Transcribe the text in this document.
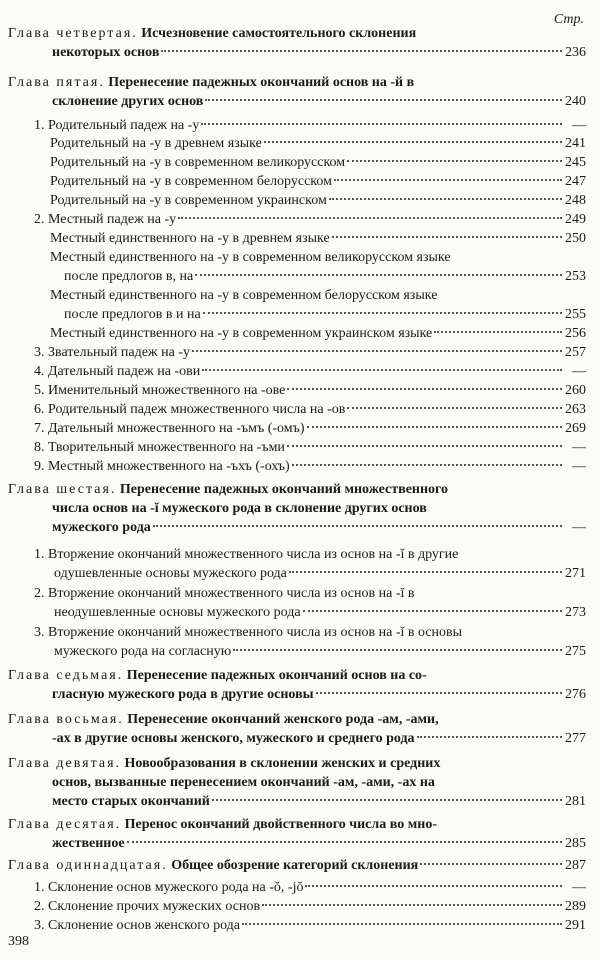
Стр.
Глава четвертая. Исчезновение самостоятельного склонения
некоторых основ	236
Глава пятая. Перенесение падежных окончаний основ на -й в
склонение других основ	240
1. Родительный падеж на -у	—
Родительный на -у в древнем языке	241
Родительный на -у в современном великорусском	245
Родительный на -у в современном белорусском	247
Родительный на -у в современном украинском	248
2. Местный падеж на -у	249
Местный единственного на -у в древнем языке	250
Местный единственного на -у в современном великорусском языке
после предлогов в, на	253
Местный единственного на -у в современном белорусском языке
после предлогов в и на	255
Местный единственного на -у в современном украинском языке	256
3. Звательный падеж на -у	257
4. Дательный падеж на -ови	—
5. Именительный множественного на -ове	260
6. Родительный падеж множественного числа на -ов	263
7. Дательный множественного на -ъмъ (-омъ)	269
8. Творительный множественного на -ъми	—
9. Местный множественного на -ъхъ (-охъ)	—
Глава шестая. Перенесение падежных окончаний множественного
числа основ на -ĭ мужеского рода в склонение других основ
мужеского рода	—
1. Вторжение окончаний множественного числа из основ на -ĭ в другие
одушевленные основы мужеского рода	271
2. Вторжение окончаний множественного числа из основ на -ĭ в
неодушевленные основы мужеского рода	273
3. Вторжение окончаний множественного числа из основ на -ĭ в основы
мужеского рода на согласную	275
Глава седьмая. Перенесение падежных окончаний основ на со-
гласную мужеского рода в другие основы	276
Глава восьмая. Перенесение окончаний женского рода -ам, -ами,
-ах в другие основы женского, мужеского и среднего рода	277
Глава девятая. Новообразования в склонении женских и средних
основ, вызванные перенесением окончаний -ам, -ами, -ах на
место старых окончаний	281
Глава десятая. Перенос окончаний двойственного числа во мно-
жественное	285
Глава одиннадцатая. Общее обозрение категорий склонения	287
1. Склонение основ мужеского рода на -ŏ, -jŏ	—
2. Склонение прочих мужеских основ	289
3. Склонение основ женского рода	291
398
